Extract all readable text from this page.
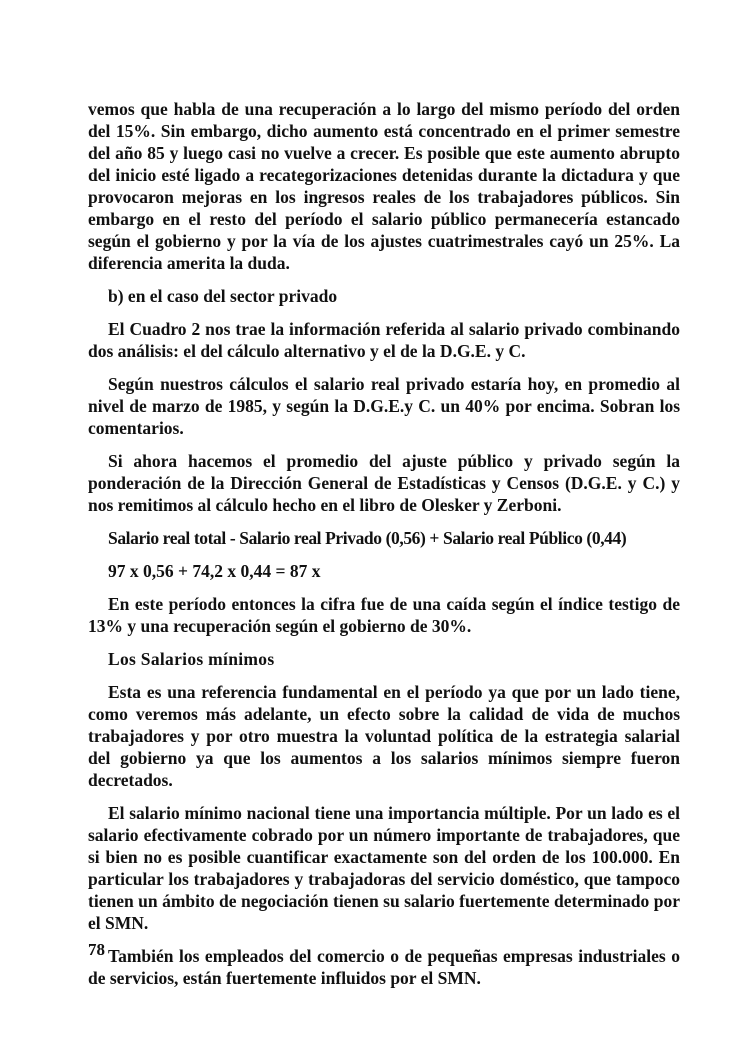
vemos que habla de una recuperación a lo largo del mismo período del orden del 15%. Sin embargo, dicho aumento está concentrado en el primer semestre del año 85 y luego casi no vuelve a crecer. Es posible que este aumento abrupto del inicio esté ligado a recategorizaciones detenidas durante la dictadura y que provocaron mejoras en los ingresos reales de los trabajadores públicos. Sin embargo en el resto del período el salario público permanecería estancado según el gobierno y por la vía de los ajustes cuatrimestrales cayó un 25%. La diferencia amerita la duda.

b) en el caso del sector privado

El Cuadro 2 nos trae la información referida al salario privado combinando dos análisis: el del cálculo alternativo y el de la D.G.E. y C.

Según nuestros cálculos el salario real privado estaría hoy, en promedio al nivel de marzo de 1985, y según la D.G.E.y C. un 40% por encima. Sobran los comentarios.

Si ahora hacemos el promedio del ajuste público y privado según la ponderación de la Dirección General de Estadísticas y Censos (D.G.E. y C.) y nos remitimos al cálculo hecho en el libro de Olesker y Zerboni.

Salario real total - Salario real Privado (0,56) + Salario real Público (0,44)

97 x 0,56 + 74,2 x 0,44 = 87 x

En este período entonces la cifra fue de una caída según el índice testigo de 13% y una recuperación según el gobierno de 30%.

Los Salarios mínimos

Esta es una referencia fundamental en el período ya que por un lado tiene, como veremos más adelante, un efecto sobre la calidad de vida de muchos trabajadores y por otro muestra la voluntad política de la estrategia salarial del gobierno ya que los aumentos a los salarios mínimos siempre fueron decretados.

El salario mínimo nacional tiene una importancia múltiple. Por un lado es el salario efectivamente cobrado por un número importante de trabajadores, que si bien no es posible cuantificar exactamente son del orden de los 100.000. En particular los trabajadores y trabajadoras del servicio doméstico, que tampoco tienen un ámbito de negociación tienen su salario fuertemente determinado por el SMN.

También los empleados del comercio o de pequeñas empresas industriales o de servicios, están fuertemente influidos por el SMN.

78
